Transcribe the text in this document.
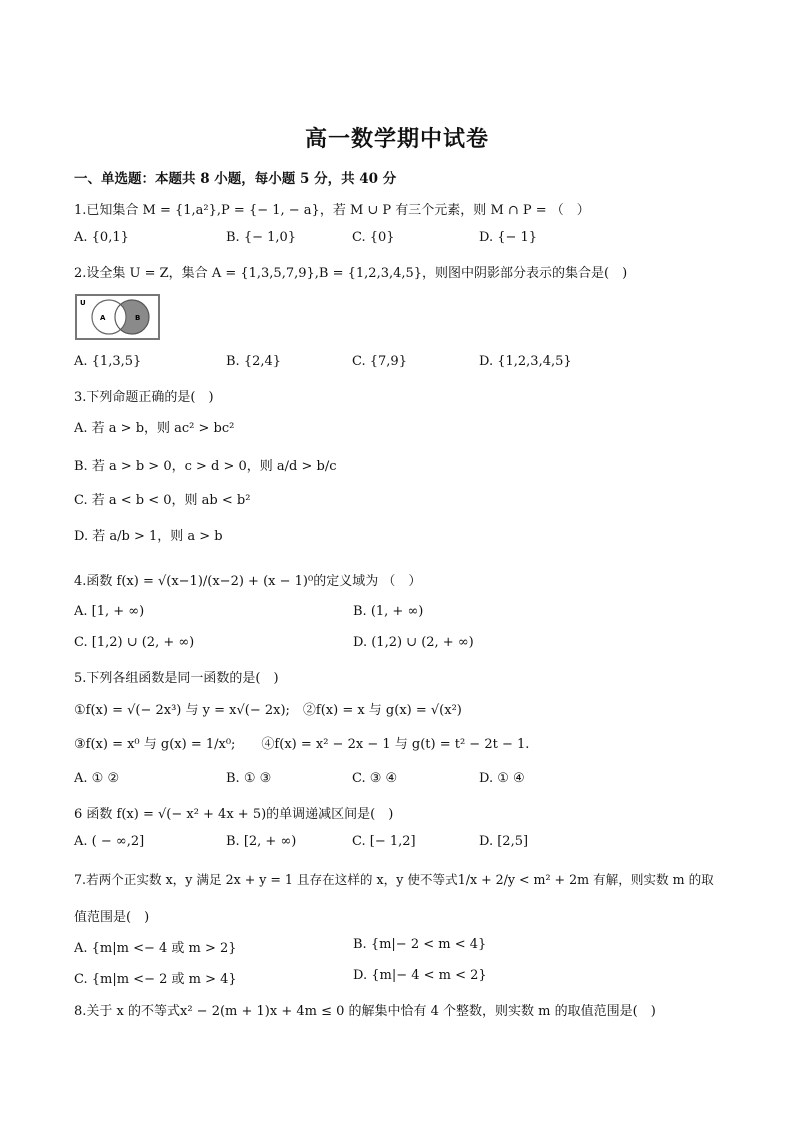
高一数学期中试卷
一、单选题：本题共 8 小题，每小题 5 分，共 40 分
1.已知集合 M = {1,a²},P = {− 1, − a}，若 M ∪ P 有三个元素，则 M ∩ P = （　）
A. {0,1}	B. {− 1,0}	C. {0}	D. {− 1}
2.设全集 U = Z，集合 A = {1,3,5,7,9},B = {1,2,3,4,5}，则图中阴影部分表示的集合是(　)
U
A	B
A. {1,3,5}	B. {2,4}	C. {7,9}	D. {1,2,3,4,5}
3.下列命题正确的是(　)
A. 若 a > b，则 ac² > bc²
B. 若 a > b > 0，c > d > 0，则 a/d > b/c
C. 若 a < b < 0，则 ab < b²
D. 若 a/b > 1，则 a > b
4.函数 f(x) = √(x−1)/(x−2) + (x − 1)⁰的定义域为 （　）
A. [1, + ∞)	B. (1, + ∞)
C. [1,2) ∪ (2, + ∞)	D. (1,2) ∪ (2, + ∞)
5.下列各组函数是同一函数的是(　)
①f(x) = √(− 2x³) 与 y = x√(− 2x);　②f(x) = x 与 g(x) = √(x²)
③f(x) = x⁰ 与 g(x) = 1/x⁰;　　④f(x) = x² − 2x − 1 与 g(t) = t² − 2t − 1.
A. ① ②	B. ① ③	C. ③ ④	D. ① ④
6 函数 f(x) = √(− x² + 4x + 5)的单调递减区间是(　)
A. ( − ∞,2]	B. [2, + ∞)	C. [− 1,2]	D. [2,5]
7.若两个正实数 x，y 满足 2x + y = 1 且存在这样的 x，y 使不等式1/x + 2/y < m² + 2m 有解，则实数 m 的取
值范围是(　)
A. {m|m <− 4 或 m > 2}	B. {m|− 2 < m < 4}
C. {m|m <− 2 或 m > 4}	D. {m|− 4 < m < 2}
8.关于 x 的不等式x² − 2(m + 1)x + 4m ≤ 0 的解集中恰有 4 个整数，则实数 m 的取值范围是(　)
